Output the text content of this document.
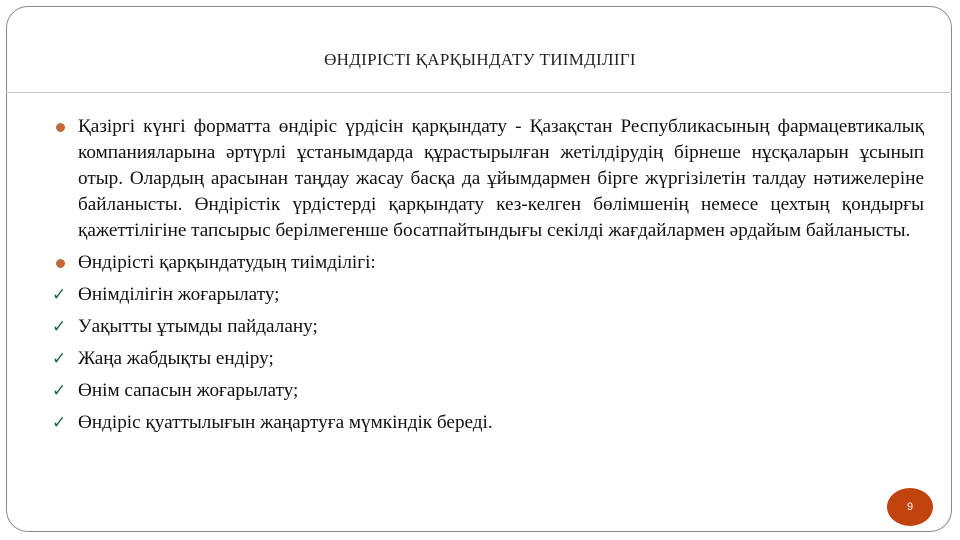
ӨНДІРІСТІ ҚАРҚЫНДАТУ ТИІМДІЛІГІ
Қазіргі күнгі форматта өндіріс үрдісін қарқындату - Қазақстан Республикасының фармацевтикалық компанияларына әртүрлі ұстанымдарда құрастырылған жетілдірудің бірнеше нұсқаларын ұсынып отыр. Олардың арасынан таңдау жасау басқа да ұйымдармен бірге жүргізілетін талдау нәтижелеріне байланысты. Өндірістік үрдістерді қарқындату кез-келген бөлімшенің немесе цехтың қондырғы қажеттілігіне тапсырыс берілмегенше босатпайтындығы секілді жағдайлармен әрдайым байланысты.
Өндірісті қарқындатудың тиімділігі:
✓ Өнімділігін жоғарылату;
✓ Уақытты ұтымды пайдалану;
✓ Жаңа жабдықты ендіру;
✓ Өнім сапасын жоғарылату;
✓ Өндіріс қуаттылығын жаңартуға мүмкіндік береді.
9
